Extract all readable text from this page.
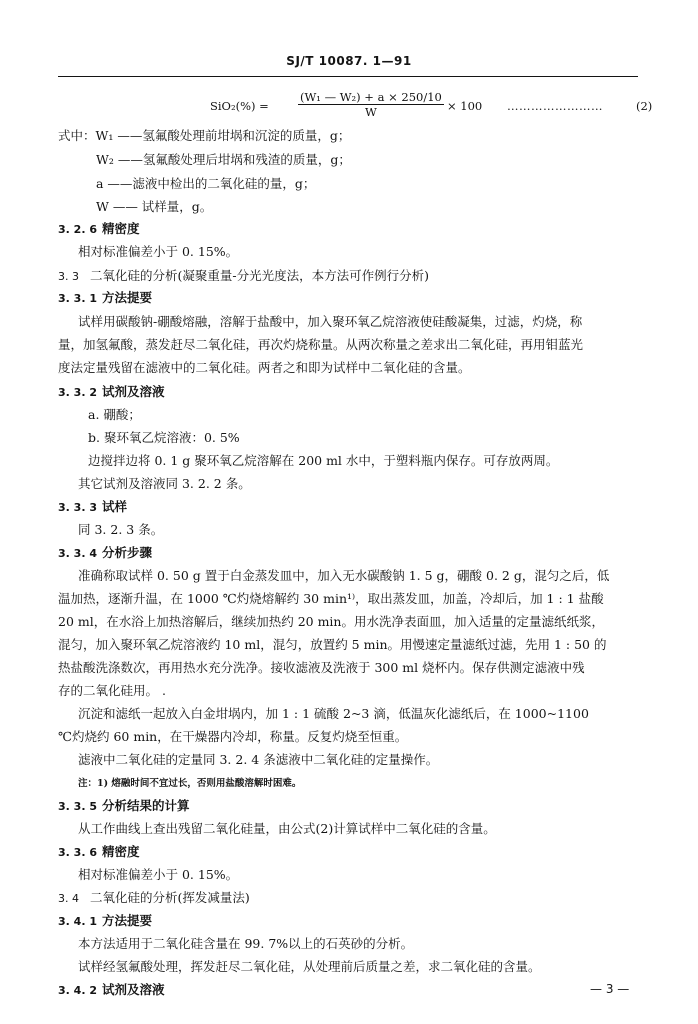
SJ/T 10087. 1—91
SiO₂(%) =	$\frac{\text{(W₁ — W₂) + a × 250/10}}{W} \times 100$ ……………………	(2)
式中：W₁ ——氢氟酸处理前坩埚和沉淀的质量，g；
W₂ ——氢氟酸处理后坩埚和残渣的质量，g；
a ——滤液中检出的二氧化硅的量，g；
W —— 试样量，g。
3. 2. 6 精密度
相对标准偏差小于 0. 15%。
3. 3 二氧化硅的分析(凝聚重量-分光光度法，本方法可作例行分析)
3. 3. 1 方法提要
试样用碳酸钠-硼酸熔融，溶解于盐酸中，加入聚环氧乙烷溶液使硅酸凝集，过滤，灼烧，称
量，加氢氟酸，蒸发赶尽二氧化硅，再次灼烧称量。从两次称量之差求出二氧化硅，再用钼蓝光
度法定量残留在滤液中的二氧化硅。两者之和即为试样中二氧化硅的含量。
3. 3. 2 试剂及溶液
a. 硼酸；
b. 聚环氧乙烷溶液：0. 5%
边搅拌边将 0. 1 g 聚环氧乙烷溶解在 200 ml 水中，于塑料瓶内保存。可存放两周。
其它试剂及溶液同 3. 2. 2 条。
3. 3. 3 试样
同 3. 2. 3 条。
3. 3. 4 分析步骤
准确称取试样 0. 50 g 置于白金蒸发皿中，加入无水碳酸钠 1. 5 g，硼酸 0. 2 g，混匀之后，低
温加热，逐渐升温，在 1000 ℃灼烧熔解约 30 min¹⁾，取出蒸发皿，加盖，冷却后，加 1 : 1 盐酸
20 ml，在水浴上加热溶解后，继续加热约 20 min。用水洗净表面皿，加入适量的定量滤纸纸浆，
混匀，加入聚环氧乙烷溶液约 10 ml，混匀，放置约 5 min。用慢速定量滤纸过滤，先用 1 : 50 的
热盐酸洗涤数次，再用热水充分洗净。接收滤液及洗液于 300 ml 烧杯内。保存供测定滤液中残
存的二氧化硅用。 .
沉淀和滤纸一起放入白金坩埚内，加 1 : 1 硫酸 2~3 滴，低温灰化滤纸后，在 1000~1100
℃灼烧约 60 min，在干燥器内冷却，称量。反复灼烧至恒重。
滤液中二氧化硅的定量同 3. 2. 4 条滤液中二氧化硅的定量操作。
注：1) 熔融时间不宜过长，否则用盐酸溶解时困难。
3. 3. 5 分析结果的计算
从工作曲线上查出残留二氧化硅量，由公式(2)计算试样中二氧化硅的含量。
3. 3. 6 精密度
相对标准偏差小于 0. 15%。
3. 4 二氧化硅的分析(挥发减量法)
3. 4. 1 方法提要
本方法适用于二氧化硅含量在 99. 7%以上的石英砂的分析。
试样经氢氟酸处理，挥发赶尽二氧化硅，从处理前后质量之差，求二氧化硅的含量。
3. 4. 2 试剂及溶液	— 3 —
